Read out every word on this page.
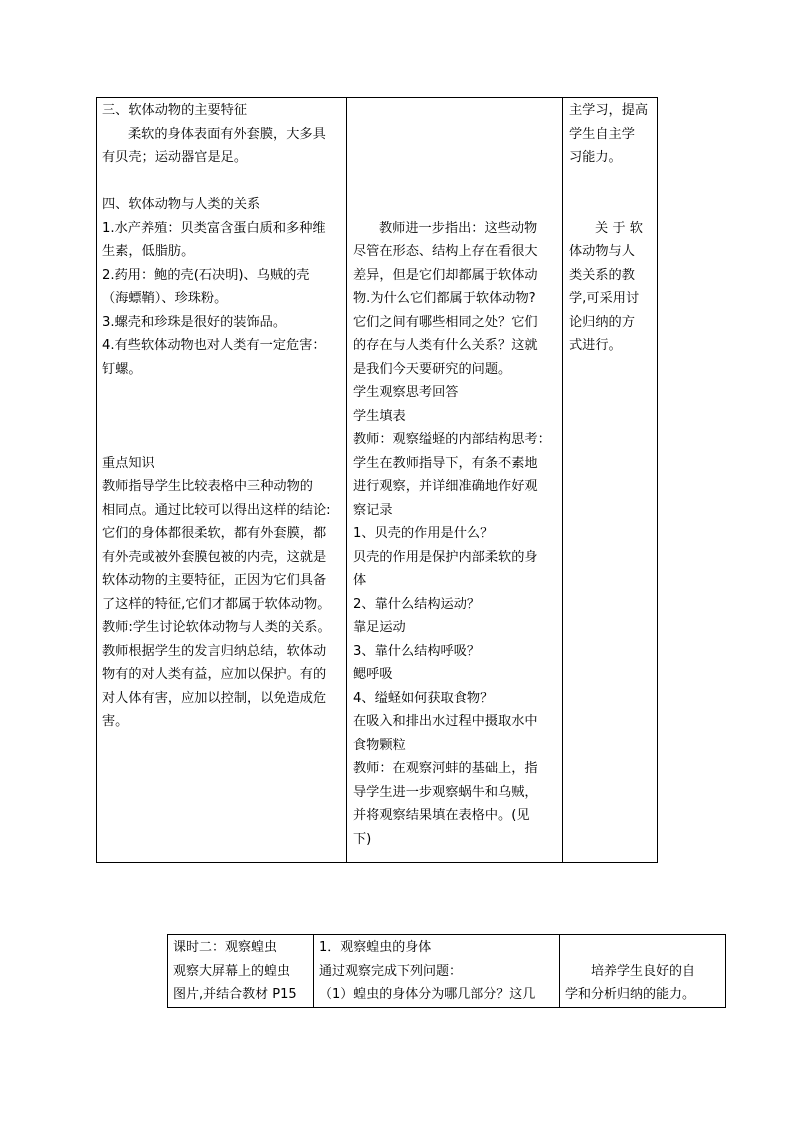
三、软体动物的主要特征
柔软的身体表面有外套膜，大多具
有贝壳；运动器官是足。
四、软体动物与人类的关系
1.水产养殖：贝类富含蛋白质和多种维
生素，低脂肪。
2.药用：鲍的壳(石决明)、乌贼的壳
（海螵鞘）、珍珠粉。
3.螺壳和珍珠是很好的装饰品。
4.有些软体动物也对人类有一定危害：
钉螺。
重点知识
教师指导学生比较表格中三种动物的
相同点。通过比较可以得出这样的结论:
它们的身体都很柔软，都有外套膜，都
有外壳或被外套膜包被的内壳，这就是
软体动物的主要特征，正因为它们具备
了这样的特征,它们才都属于软体动物。
教师:学生讨论软体动物与人类的关系。
教师根据学生的发言归纳总结，软体动
物有的对人类有益，应加以保护。有的
对人体有害，应加以控制，以免造成危
害。

教师进一步指出：这些动物
尽管在形态、结构上存在看很大
差异，但是它们却都属于软体动
物.为什么它们都属于软体动物?
它们之间有哪些相同之处？它们
的存在与人类有什么关系？这就
是我们今天要研究的问题。
学生观察思考回答
学生填表
教师：观察缢蛏的内部结构思考：
学生在教师指导下，有条不素地
进行观察，并详细准确地作好观
察记录
1、贝壳的作用是什么？
贝壳的作用是保护内部柔软的身
体
2、靠什么结构运动？
靠足运动
3、靠什么结构呼吸？
鳃呼吸
4、缢蛏如何获取食物？
在吸入和排出水过程中摄取水中
食物颗粒
教师：在观察河蚌的基础上，指
导学生进一步观察蜗牛和乌贼，
并将观察结果填在表格中。(见
下)

主学习，提高
学生自主学
习能力。
关 于 软
体动物与人
类关系的教
学,可采用讨
论归纳的方
式进行。
课时二：观察蝗虫
观察大屏幕上的蝗虫
图片,并结合教材 P15

1．观察蝗虫的身体
通过观察完成下列问题：
（1）蝗虫的身体分为哪几部分？这几

培养学生良好的自
学和分析归纳的能力。
